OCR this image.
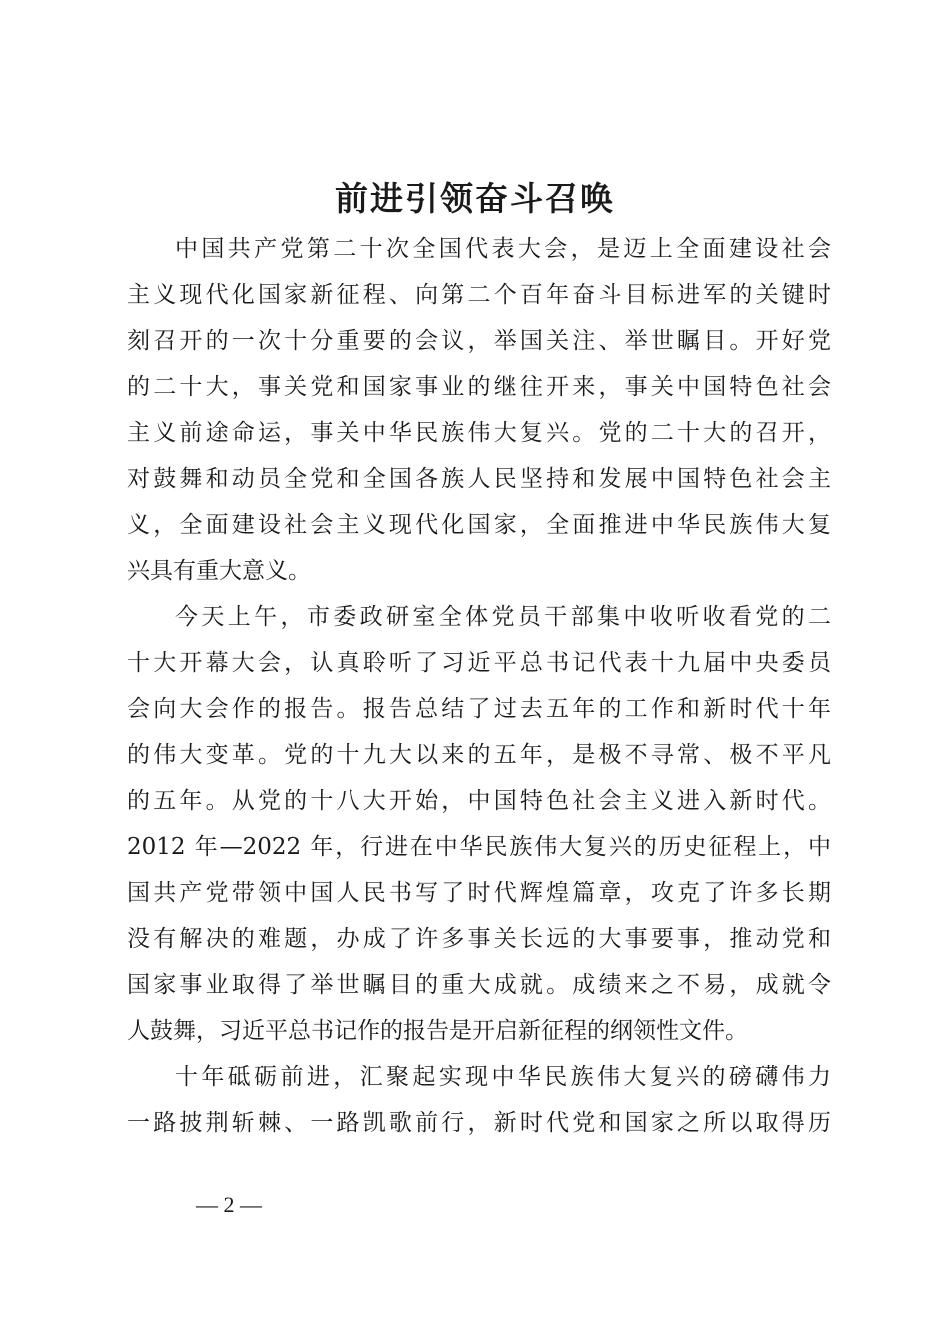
前进引领奋斗召唤
中国共产党第二十次全国代表大会，是迈上全面建设社会
主义现代化国家新征程、向第二个百年奋斗目标进军的关键时
刻召开的一次十分重要的会议，举国关注、举世瞩目。开好党
的二十大，事关党和国家事业的继往开来，事关中国特色社会
主义前途命运，事关中华民族伟大复兴。党的二十大的召开，
对鼓舞和动员全党和全国各族人民坚持和发展中国特色社会主
义，全面建设社会主义现代化国家，全面推进中华民族伟大复
兴具有重大意义。
今天上午，市委政研室全体党员干部集中收听收看党的二
十大开幕大会，认真聆听了习近平总书记代表十九届中央委员
会向大会作的报告。报告总结了过去五年的工作和新时代十年
的伟大变革。党的十九大以来的五年，是极不寻常、极不平凡
的五年。从党的十八大开始，中国特色社会主义进入新时代。
2012 年—2022 年，行进在中华民族伟大复兴的历史征程上，中
国共产党带领中国人民书写了时代辉煌篇章，攻克了许多长期
没有解决的难题，办成了许多事关长远的大事要事，推动党和
国家事业取得了举世瞩目的重大成就。成绩来之不易，成就令
人鼓舞，习近平总书记作的报告是开启新征程的纲领性文件。
十年砥砺前进，汇聚起实现中华民族伟大复兴的磅礴伟力
一路披荆斩棘、一路凯歌前行，新时代党和国家之所以取得历
— 2 —
